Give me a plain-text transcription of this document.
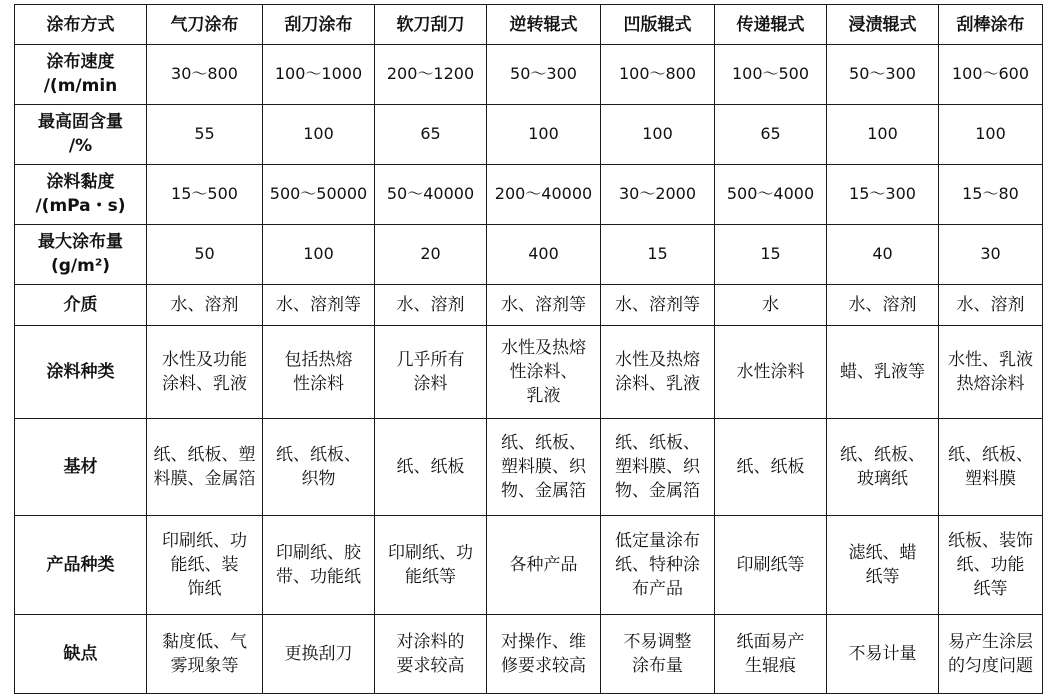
涂布方式	气刀涂布	刮刀涂布	软刀刮刀	逆转辊式	凹版辊式	传递辊式	浸渍辊式	刮棒涂布

涂布速度
/(m/min	30～800	100～1000	200～1200	50～300	100～800	100～500	50～300	100～600

最高固含量
/%	55	100	65	100	100	65	100	100

涂料黏度
/(mPa・s)	15～500	500～50000	50～40000	200～40000	30～2000	500～4000	15～300	15～80

最大涂布量
(g/m²)	50	100	20	400	15	15	40	30

介质	水、溶剂	水、溶剂等	水、溶剂	水、溶剂等	水、溶剂等	水	水、溶剂	水、溶剂

涂料种类	水性及功能
涂料、乳液	包括热熔
性涂料	几乎所有
涂料	水性及热熔
性涂料、
乳液	水性及热熔
涂料、乳液	水性涂料	蜡、乳液等	水性、乳液
热熔涂料

基材	纸、纸板、塑
料膜、金属箔	纸、纸板、
织物	纸、纸板	纸、纸板、
塑料膜、织
物、金属箔	纸、纸板、
塑料膜、织
物、金属箔	纸、纸板	纸、纸板、
玻璃纸	纸、纸板、
塑料膜

产品种类	印刷纸、功
能纸、装
饰纸	印刷纸、胶
带、功能纸	印刷纸、功
能纸等	各种产品	低定量涂布
纸、特种涂
布产品	印刷纸等	滤纸、蜡
纸等	纸板、装饰
纸、功能
纸等

缺点	黏度低、气
雾现象等	更换刮刀	对涂料的
要求较高	对操作、维
修要求较高	不易调整
涂布量	纸面易产
生辊痕	不易计量	易产生涂层
的匀度问题
